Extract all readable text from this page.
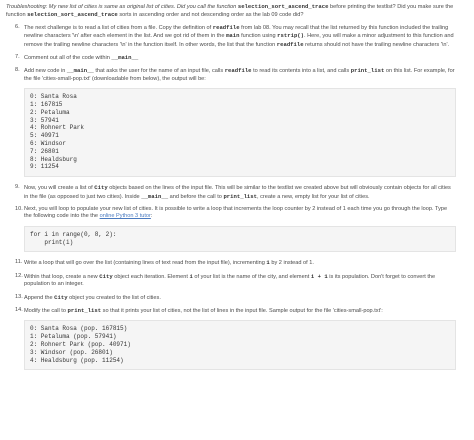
Troubleshooting: My new list of cities is same as original list of cities. Did you call the function selection_sort_ascend_trace before printing the testlist? Did you make sure the function selection_sort_ascend_trace sorts in ascending order and not descending order as the lab 09 code did?

6. The next challenge is to read a list of cities from a file. Copy the definition of readfile from lab 08. You may recall that the list returned by this function included the trailing newline characters '\n' after each element in the list. And we got rid of them in the main function using rstrip(). Here, you will make a minor adjustment to this function and remove the trailing newline characters '\n' in the function itself. In other words, the list that the function readfile returns should not have the trailing newline characters '\n'.
7. Comment out all of the code within __main__
8. Add new code in __main__ that asks the user for the name of an input file, calls readfile to read its contents into a list, and calls print_list on this list. For example, for the file 'cities-small-pop.txt' (downloadable from below), the output will be:
0: Santa Rosa
1: 167815
2: Petaluma
3: 57941
4: Rohnert Park
5: 40971
6: Windsor
7: 26801
8: Healdsburg
9: 11254
9. Now, you will create a list of City objects based on the lines of the input file. This will be similar to the testlist we created above but will obviously contain objects for all cities in the file (as opposed to just two cities). Inside __main__ and before the call to print_list, create a new, empty list for your list of cities.
10. Next, you will loop to populate your new list of cities. It is possible to write a loop that increments the loop counter by 2 instead of 1 each time you go through the loop. Type the following code into the the online Python 3 tutor:
for i in range(0, 8, 2):
print(i)
11. Write a loop that will go over the list (containing lines of text read from the input file), incrementing 1 by 2 instead of 1.
12. Within that loop, create a new City object each iteration. Element i of your list is the name of the city, and element i + 1 is its population. Don't forget to convert the population to an integer.
13. Append the City object you created to the list of cities.
14. Modify the call to print_list so that it prints your list of cities, not the list of lines in the input file. Sample output for the file 'cities-small-pop.txt':
0: Santa Rosa (pop. 167815)
1: Petaluma (pop. 57941)
2: Rohnert Park (pop. 40971)
3: Windsor (pop. 26801)
4: Healdsburg (pop. 11254)
